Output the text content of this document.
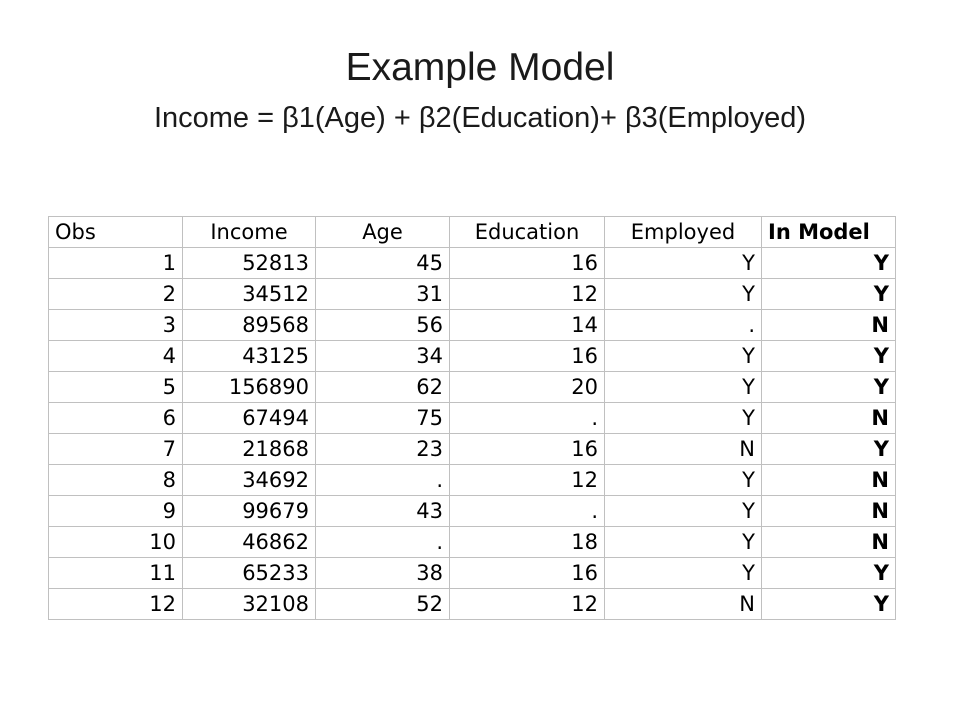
Example Model
Income = β1(Age) + β2(Education)+ β3(Employed)
Obs	Income	Age	Education	Employed	In Model
1	52813	45	16	Y	Y
2	34512	31	12	Y	Y
3	89568	56	14	.	N
4	43125	34	16	Y	Y
5	156890	62	20	Y	Y
6	67494	75	.	Y	N
7	21868	23	16	N	Y
8	34692	.	12	Y	N
9	99679	43	.	Y	N
10	46862	.	18	Y	N
11	65233	38	16	Y	Y
12	32108	52	12	N	Y
